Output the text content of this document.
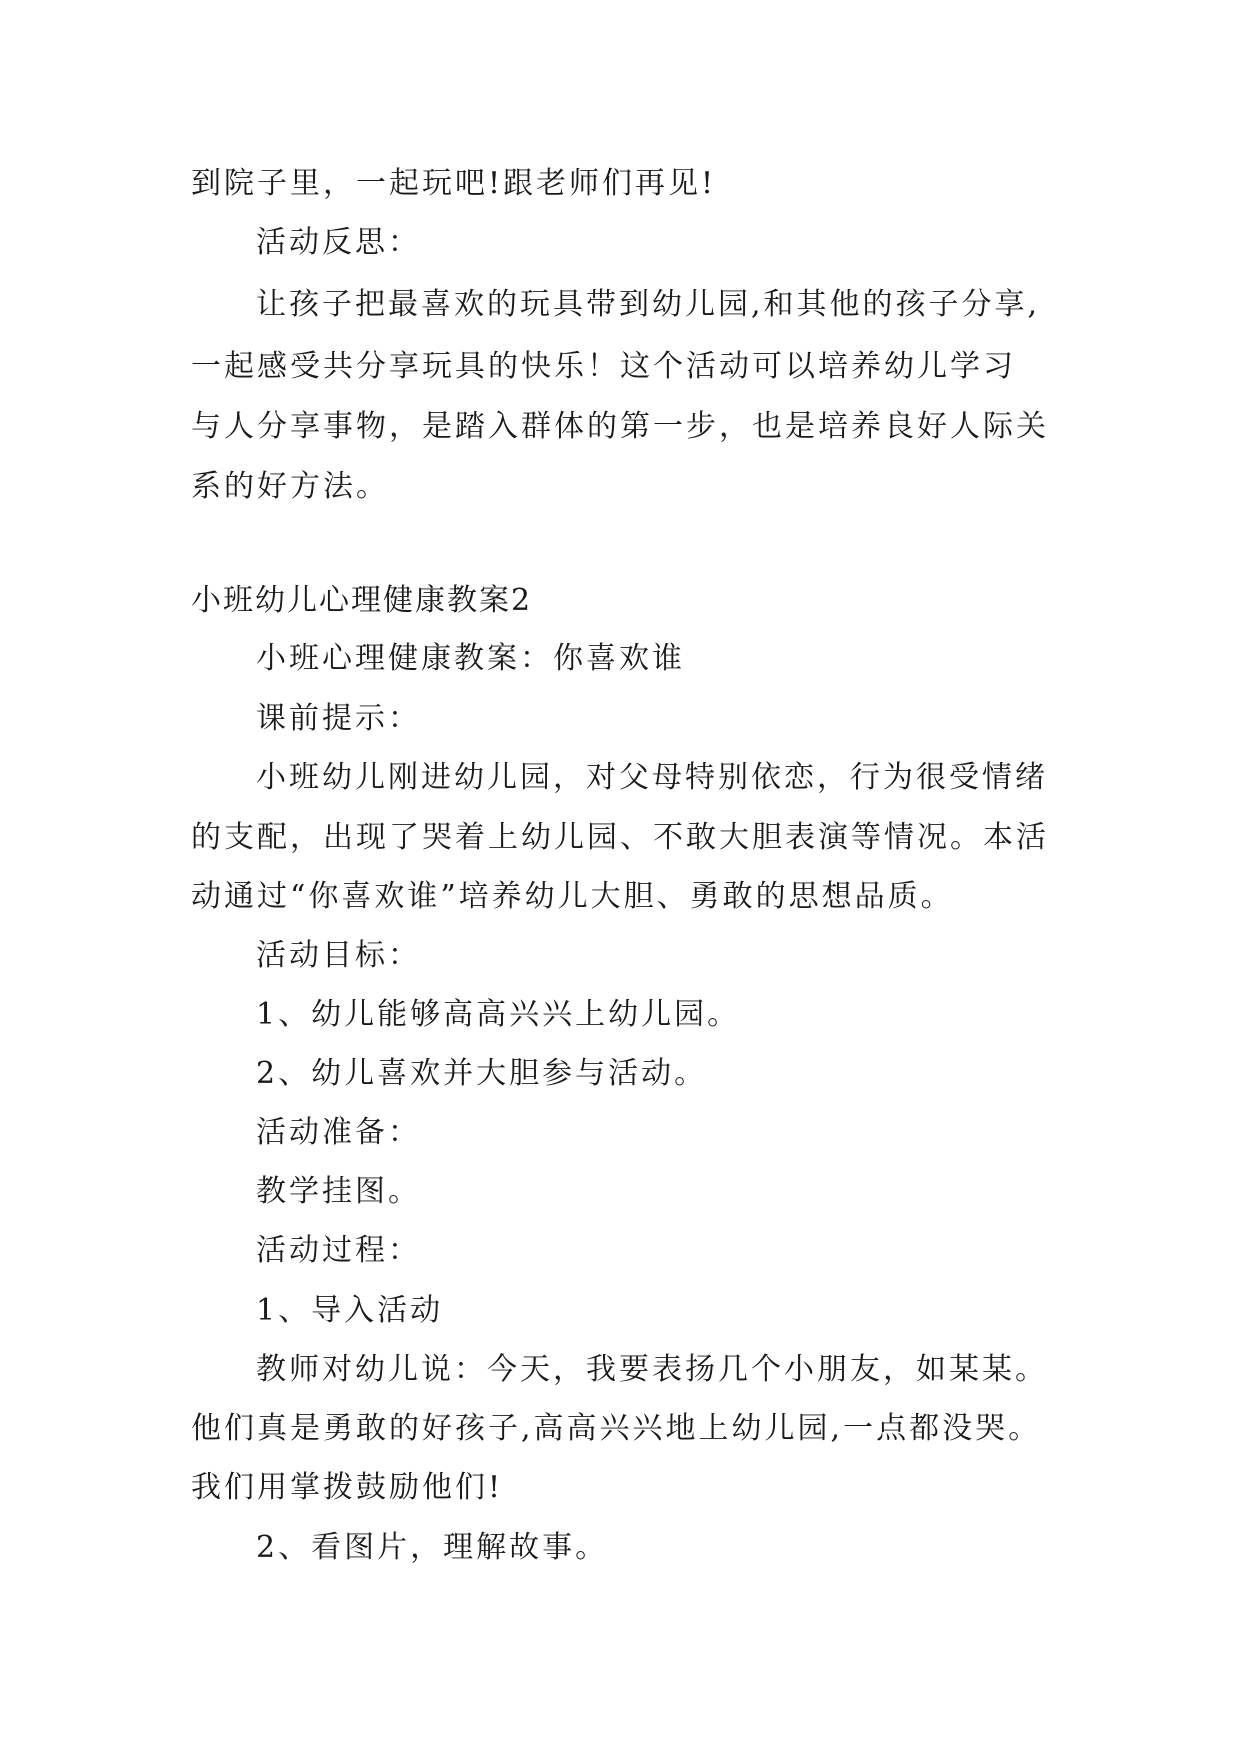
到院子里，一起玩吧!跟老师们再见!
活动反思：
让孩子把最喜欢的玩具带到幼儿园,和其他的孩子分享,
一起感受共分享玩具的快乐！这个活动可以培养幼儿学习
与人分享事物，是踏入群体的第一步，也是培养良好人际关
系的好方法。
小班幼儿心理健康教案2
小班心理健康教案：你喜欢谁
课前提示：
小班幼儿刚进幼儿园，对父母特别依恋，行为很受情绪
的支配，出现了哭着上幼儿园、不敢大胆表演等情况。本活
动通过“你喜欢谁”培养幼儿大胆、勇敢的思想品质。
活动目标：
1、幼儿能够高高兴兴上幼儿园。
2、幼儿喜欢并大胆参与活动。
活动准备：
教学挂图。
活动过程：
1、导入活动
教师对幼儿说：今天，我要表扬几个小朋友，如某某。
他们真是勇敢的好孩子,高高兴兴地上幼儿园,一点都没哭。
我们用掌拨鼓励他们!
2、看图片，理解故事。
